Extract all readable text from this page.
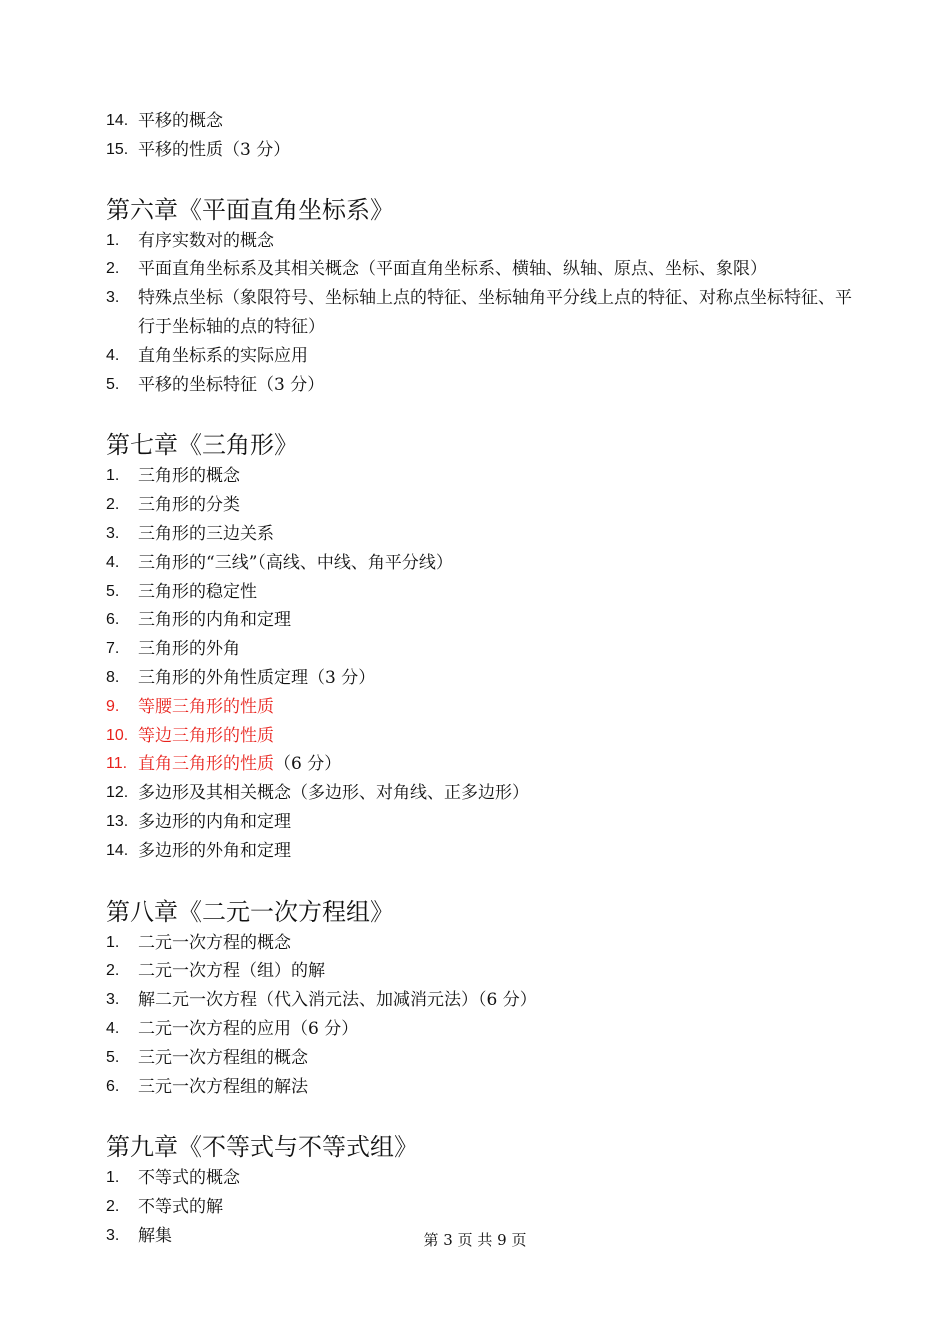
14. 平移的概念
15. 平移的性质（3 分）
第六章《平面直角坐标系》
1. 有序实数对的概念
2. 平面直角坐标系及其相关概念（平面直角坐标系、横轴、纵轴、原点、坐标、象限）
3. 特殊点坐标（象限符号、坐标轴上点的特征、坐标轴角平分线上点的特征、对称点坐标特征、平行于坐标轴的点的特征）
4. 直角坐标系的实际应用
5. 平移的坐标特征（3 分）
第七章《三角形》
1. 三角形的概念
2. 三角形的分类
3. 三角形的三边关系
4. 三角形的“三线”（高线、中线、角平分线）
5. 三角形的稳定性
6. 三角形的内角和定理
7. 三角形的外角
8. 三角形的外角性质定理（3 分）
9. 等腰三角形的性质
10. 等边三角形的性质
11. 直角三角形的性质（6 分）
12. 多边形及其相关概念（多边形、对角线、正多边形）
13. 多边形的内角和定理
14. 多边形的外角和定理
第八章《二元一次方程组》
1. 二元一次方程的概念
2. 二元一次方程（组）的解
3. 解二元一次方程（代入消元法、加减消元法）（6 分）
4. 二元一次方程的应用（6 分）
5. 三元一次方程组的概念
6. 三元一次方程组的解法
第九章《不等式与不等式组》
1. 不等式的概念
2. 不等式的解
3. 解集	第 3 页 共 9 页
